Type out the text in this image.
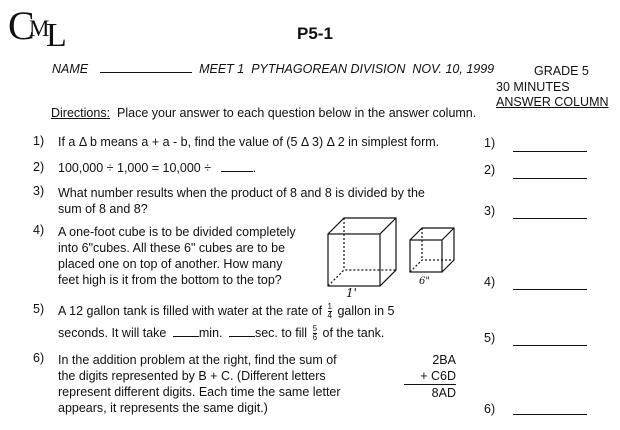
C
M
L	P5-1
NAME	MEET 1 PYTHAGOREAN DIVISION NOV. 10, 1999	GRADE 5
30 MINUTES
ANSWER COLUMN
Directions: Place your answer to each question below in the answer column.
1) If a Δ b means a + a - b, find the value of (5 Δ 3) Δ 2 in simplest form.	1)
2) 100,000 ÷ 1,000 = 10,000 ÷	.	2)
3) What number results when the product of 8 and 8 is divided by the
sum of 8 and 8?	3)
4) A one-foot cube is to be divided completely
into 6"cubes. All these 6" cubes are to be
placed one on top of another. How many
feet high is it from the bottom to the top?
1'
6"	4)
5) A 12 gallon tank is filled with water at the rate of $\frac{1}{4}$ gallon in 5
seconds. It will take	min.	sec. to fill $\frac{5}{6}$ of the tank.	5)
6) In the addition problem at the right, find the sum of
the digits represented by B + C. (Different letters
represent different digits. Each time the same letter
appears, it represents the same digit.)
2BA
+ C6D
8AD
6)
